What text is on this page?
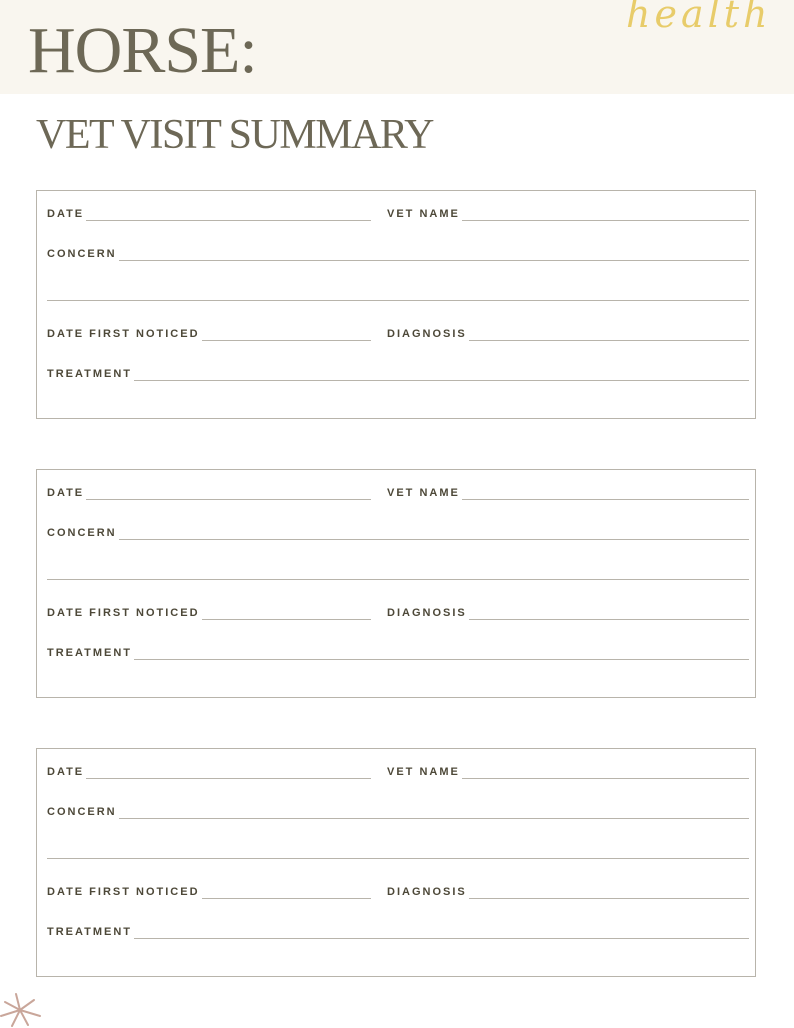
HORSE:	health
VET VISIT SUMMARY
DATE	VET NAME
CONCERN
DATE FIRST NOTICED	DIAGNOSIS
TREATMENT
DATE	VET NAME
CONCERN
DATE FIRST NOTICED	DIAGNOSIS
TREATMENT
DATE	VET NAME
CONCERN
DATE FIRST NOTICED	DIAGNOSIS
TREATMENT
